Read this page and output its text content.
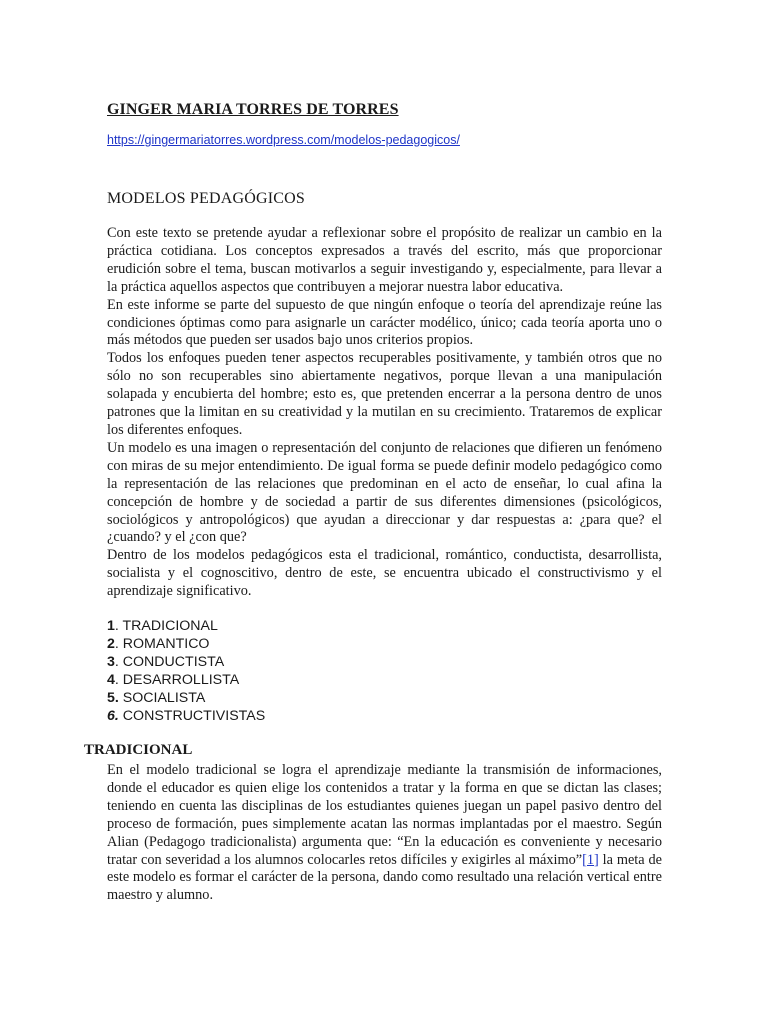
GINGER MARIA TORRES DE TORRES
https://gingermariatorres.wordpress.com/modelos-pedagogicos/
MODELOS PEDAGÓGICOS

Con este texto se pretende ayudar a reflexionar sobre el propósito de realizar un cambio en la práctica cotidiana. Los conceptos expresados a través del escrito, más que proporcionar erudición sobre el tema, buscan motivarlos a seguir investigando y, especialmente, para llevar a la práctica aquellos aspectos que contribuyen a mejorar nuestra labor educativa.

En este informe se parte del supuesto de que ningún enfoque o teoría del aprendizaje reúne las condiciones óptimas como para asignarle un carácter modélico, único; cada teoría aporta uno o más métodos que pueden ser usados bajo unos criterios propios.

Todos los enfoques pueden tener aspectos recuperables positivamente, y también otros que no sólo no son recuperables sino abiertamente negativos, porque llevan a una manipulación solapada y encubierta del hombre; esto es, que pretenden encerrar a la persona dentro de unos patrones que la limitan en su creatividad y la mutilan en su crecimiento. Trataremos de explicar los diferentes enfoques.

Un modelo es una imagen o representación del conjunto de relaciones que difieren un fenómeno con miras de su mejor entendimiento. De igual forma se puede definir modelo pedagógico como la representación de las relaciones que predominan en el acto de enseñar, lo cual afina la concepción de hombre y de sociedad a partir de sus diferentes dimensiones (psicológicos, sociológicos y antropológicos) que ayudan a direccionar y dar respuestas a: ¿para que? el ¿cuando? y el ¿con que?

Dentro de los modelos pedagógicos esta el tradicional, romántico, conductista, desarrollista, socialista y el cognoscitivo, dentro de este, se encuentra ubicado el constructivismo y el aprendizaje significativo.

1. TRADICIONAL
2. ROMANTICO
3. CONDUCTISTA
4. DESARROLLISTA
5. SOCIALISTA
6. CONSTRUCTIVISTAS
TRADICIONAL

En el modelo tradicional se logra el aprendizaje mediante la transmisión de informaciones, donde el educador es quien elige los contenidos a tratar y la forma en que se dictan las clases; teniendo en cuenta las disciplinas de los estudiantes quienes juegan un papel pasivo dentro del proceso de formación, pues simplemente acatan las normas implantadas por el maestro. Según Alian (Pedagogo tradicionalista) argumenta que: “En la educación es conveniente y necesario tratar con severidad a los alumnos colocarles retos difíciles y exigirles al máximo”[1] la meta de este modelo es formar el carácter de la persona, dando como resultado una relación vertical entre maestro y alumno.
